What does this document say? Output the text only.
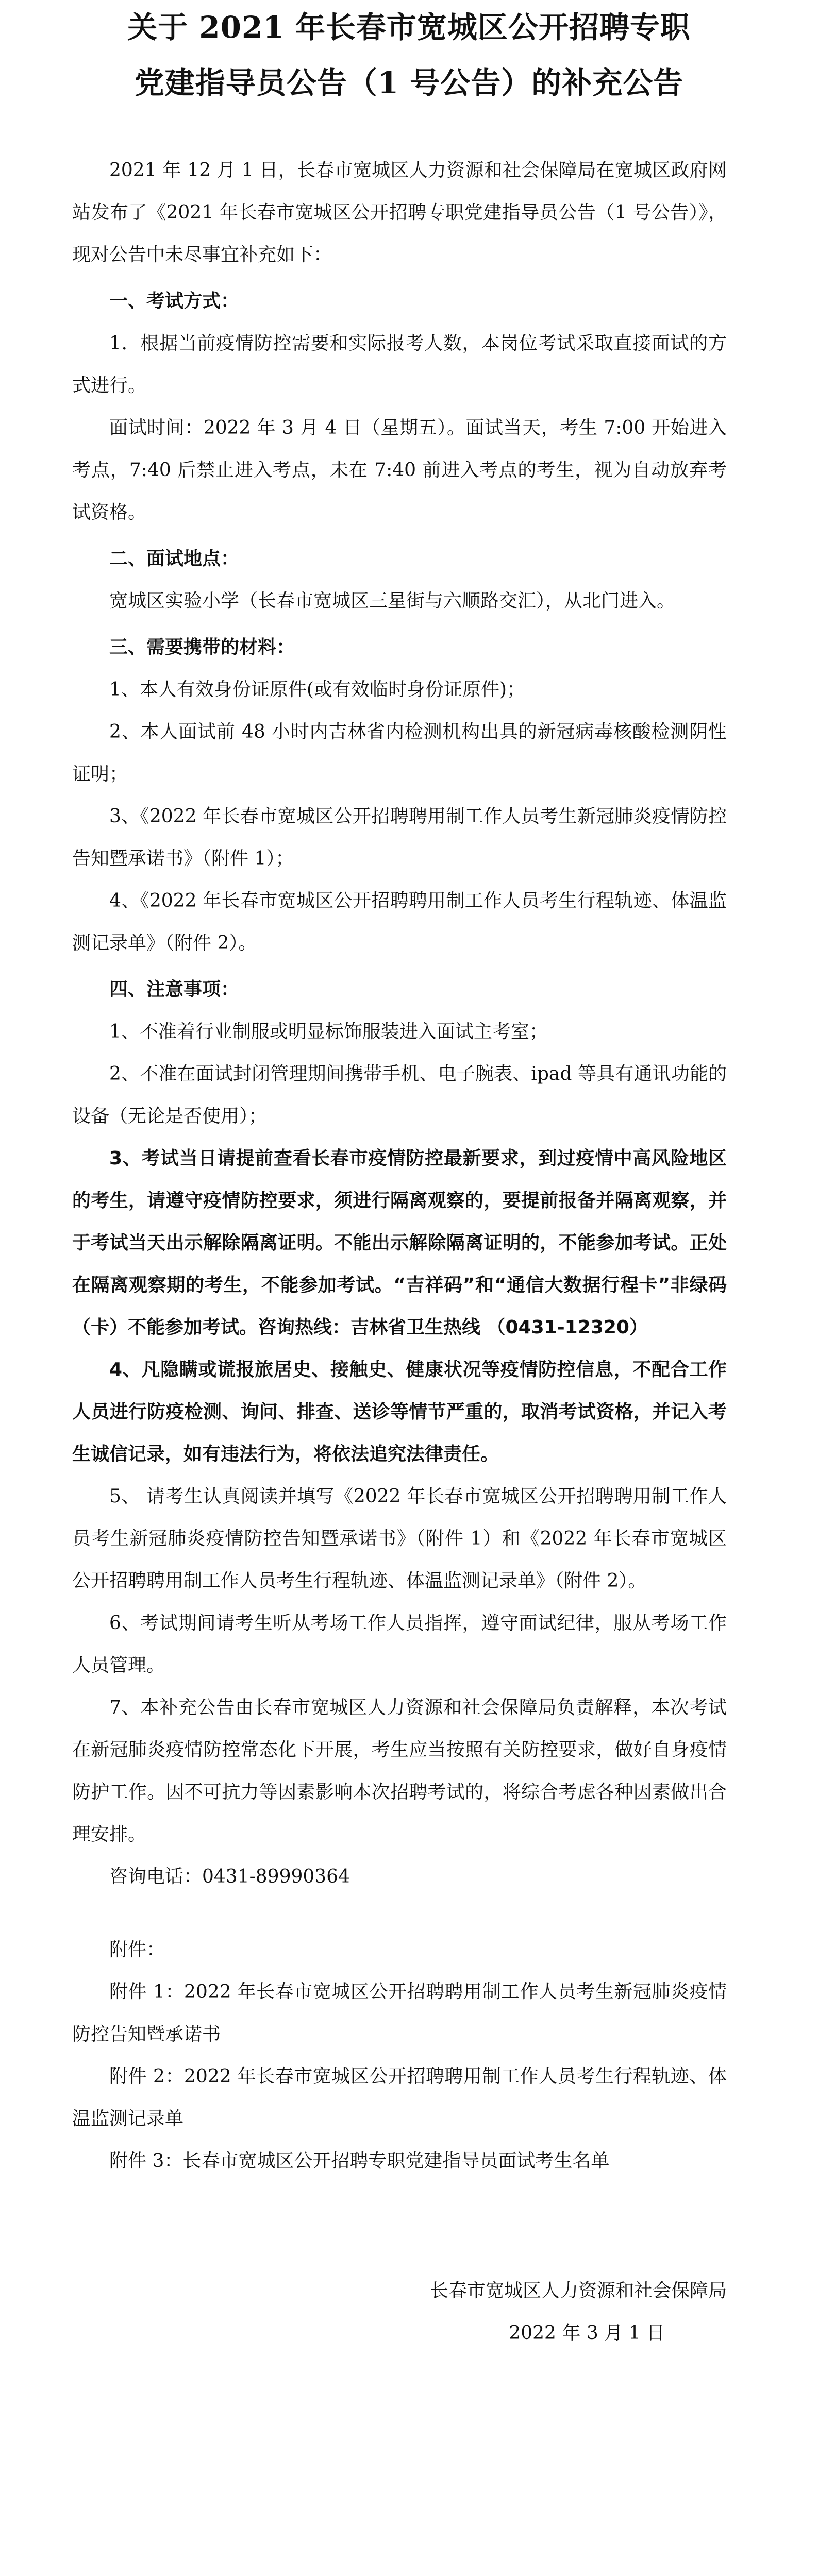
关于 2021 年长春市宽城区公开招聘专职
党建指导员公告（1 号公告）的补充公告

2021 年 12 月 1 日，长春市宽城区人力资源和社会保障局在宽城区政府网站发布了《2021 年长春市宽城区公开招聘专职党建指导员公告（1 号公告）》，现对公告中未尽事宜补充如下：

一、考试方式：

1．根据当前疫情防控需要和实际报考人数，本岗位考试采取直接面试的方式进行。

面试时间：2022 年 3 月 4 日（星期五）。面试当天，考生 7:00 开始进入考点，7:40 后禁止进入考点，未在 7:40 前进入考点的考生，视为自动放弃考试资格。

二、面试地点：

宽城区实验小学（长春市宽城区三星街与六顺路交汇），从北门进入。

三、需要携带的材料：

1、本人有效身份证原件(或有效临时身份证原件)；

2、本人面试前 48 小时内吉林省内检测机构出具的新冠病毒核酸检测阴性证明；

3、《2022 年长春市宽城区公开招聘聘用制工作人员考生新冠肺炎疫情防控告知暨承诺书》（附件 1）；

4、《2022 年长春市宽城区公开招聘聘用制工作人员考生行程轨迹、体温监测记录单》（附件 2）。

四、注意事项：

1、不准着行业制服或明显标饰服装进入面试主考室；

2、不准在面试封闭管理期间携带手机、电子腕表、ipad 等具有通讯功能的设备（无论是否使用）；

3、考试当日请提前查看长春市疫情防控最新要求，到过疫情中高风险地区的考生，请遵守疫情防控要求，须进行隔离观察的，要提前报备并隔离观察，并于考试当天出示解除隔离证明。不能出示解除隔离证明的，不能参加考试。正处在隔离观察期的考生，不能参加考试。“吉祥码”和“通信大数据行程卡”非绿码（卡）不能参加考试。咨询热线：吉林省卫生热线 （0431-12320）

4、凡隐瞒或谎报旅居史、接触史、健康状况等疫情防控信息，不配合工作人员进行防疫检测、询问、排查、送诊等情节严重的，取消考试资格，并记入考生诚信记录，如有违法行为，将依法追究法律责任。

5、 请考生认真阅读并填写《2022 年长春市宽城区公开招聘聘用制工作人员考生新冠肺炎疫情防控告知暨承诺书》（附件 1）和《2022 年长春市宽城区公开招聘聘用制工作人员考生行程轨迹、体温监测记录单》（附件 2）。

6、考试期间请考生听从考场工作人员指挥，遵守面试纪律，服从考场工作人员管理。

7、本补充公告由长春市宽城区人力资源和社会保障局负责解释，本次考试在新冠肺炎疫情防控常态化下开展，考生应当按照有关防控要求，做好自身疫情防护工作。因不可抗力等因素影响本次招聘考试的，将综合考虑各种因素做出合理安排。

咨询电话：0431-89990364

附件：

附件 1：2022 年长春市宽城区公开招聘聘用制工作人员考生新冠肺炎疫情防控告知暨承诺书

附件 2：2022 年长春市宽城区公开招聘聘用制工作人员考生行程轨迹、体温监测记录单

附件 3：长春市宽城区公开招聘专职党建指导员面试考生名单

长春市宽城区人力资源和社会保障局

2022 年 3 月 1 日
